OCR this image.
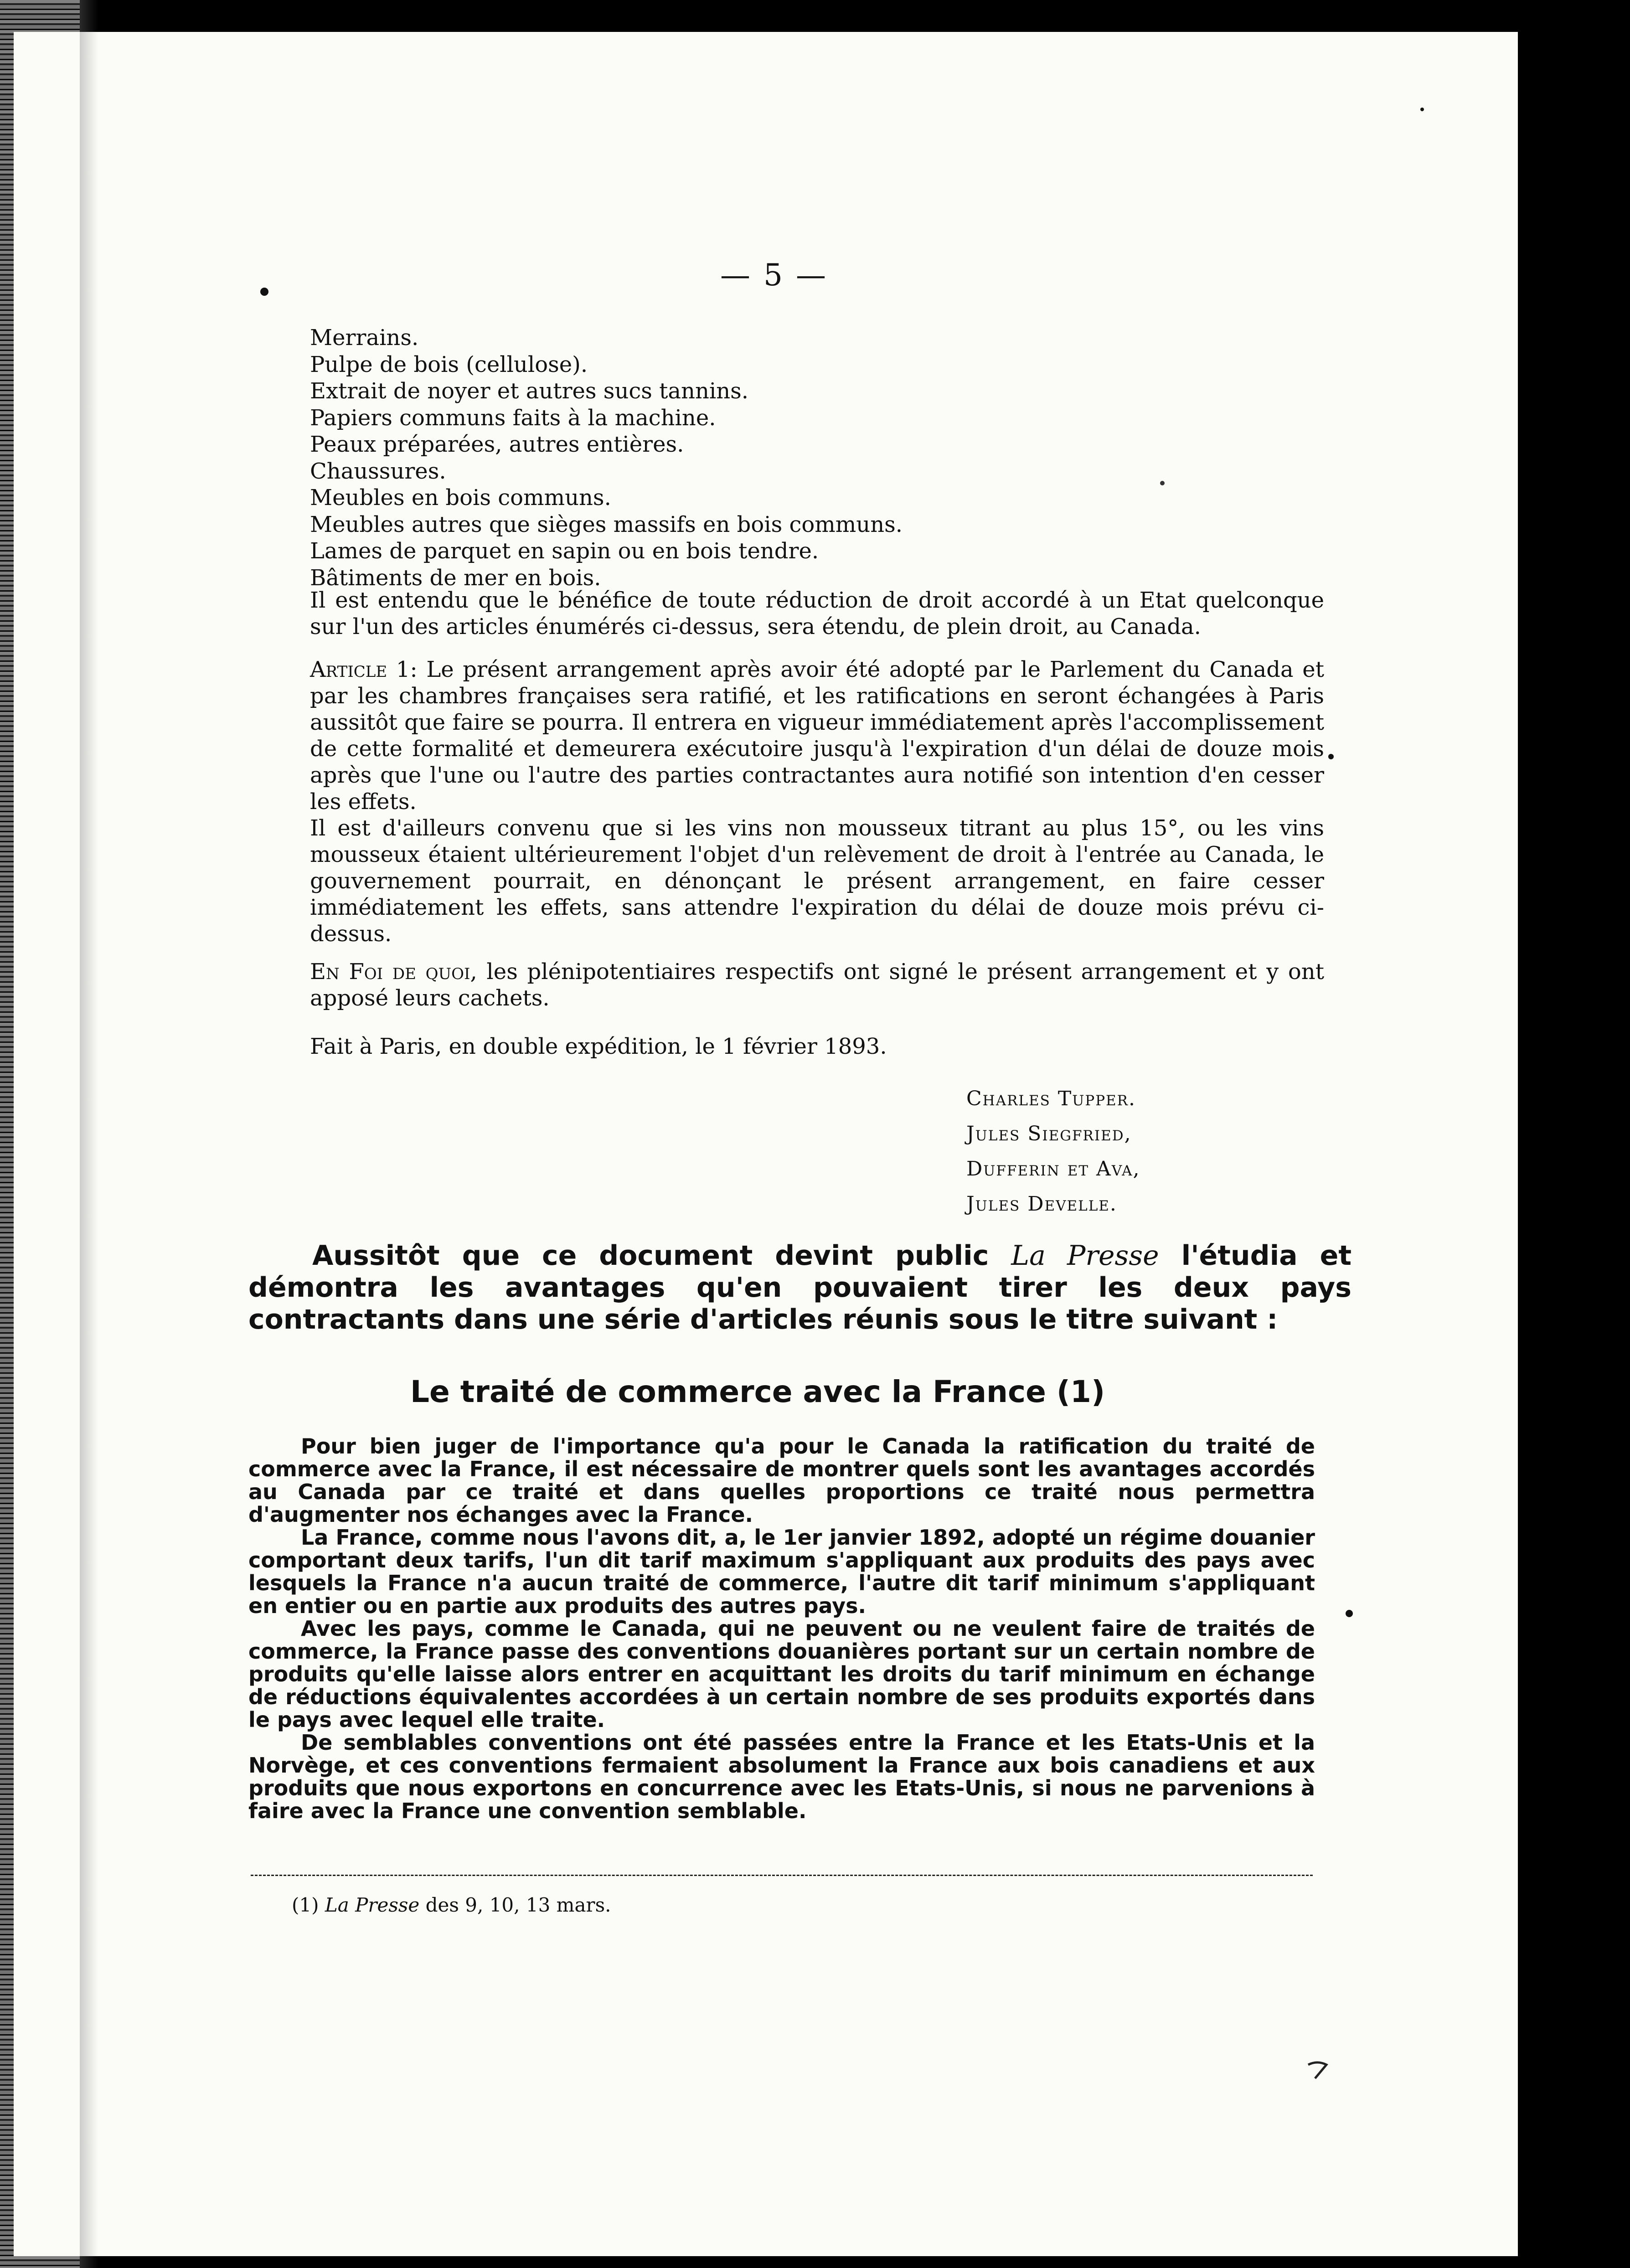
— 5 —
Merrains.
Pulpe de bois (cellulose).
Extrait de noyer et autres sucs tannins.
Papiers communs faits à la machine.
Peaux préparées, autres entières.
Chaussures.
Meubles en bois communs.
Meubles autres que sièges massifs en bois communs.
Lames de parquet en sapin ou en bois tendre.
Bâtiments de mer en bois.
Il est entendu que le bénéfice de toute réduction de droit accordé à un Etat quelconque sur l'un des articles énumérés ci-dessus, sera étendu, de plein droit, au Canada.
Article 1: Le présent arrangement après avoir été adopté par le Parlement du Canada et par les chambres françaises sera ratifié, et les ratifications en seront échangées à Paris aussitôt que faire se pourra. Il entrera en vigueur immédiatement après l'accomplissement de cette formalité et demeurera exécutoire jusqu'à l'expiration d'un délai de douze mois après que l'une ou l'autre des parties contractantes aura notifié son intention d'en cesser les effets.
Il est d'ailleurs convenu que si les vins non mousseux titrant au plus 15°, ou les vins mousseux étaient ultérieurement l'objet d'un relèvement de droit à l'entrée au Canada, le gouvernement pourrait, en dénonçant le présent arrangement, en faire cesser immédiatement les effets, sans attendre l'expiration du délai de douze mois prévu ci-dessus.
En Foi de quoi, les plénipotentiaires respectifs ont signé le présent arrangement et y ont apposé leurs cachets.
Fait à Paris, en double expédition, le 1 février 1893.
Charles Tupper.
Jules Siegfried,
Dufferin et Ava,
Jules Develle.
Aussitôt que ce document devint public La Presse l'étudia et démontra les avantages qu'en pouvaient tirer les deux pays contractants dans une série d'articles réunis sous le titre suivant :
Le traité de commerce avec la France (1)

Pour bien juger de l'importance qu'a pour le Canada la ratification du traité de commerce avec la France, il est nécessaire de montrer quels sont les avantages accordés au Canada par ce traité et dans quelles proportions ce traité nous permettra d'augmenter nos échanges avec la France.

La France, comme nous l'avons dit, a, le 1er janvier 1892, adopté un régime douanier comportant deux tarifs, l'un dit tarif maximum s'appliquant aux produits des pays avec lesquels la France n'a aucun traité de commerce, l'autre dit tarif minimum s'appliquant en entier ou en partie aux produits des autres pays.

Avec les pays, comme le Canada, qui ne peuvent ou ne veulent faire de traités de commerce, la France passe des conventions douanières portant sur un certain nombre de produits qu'elle laisse alors entrer en acquittant les droits du tarif minimum en échange de réductions équivalentes accordées à un certain nombre de ses produits exportés dans le pays avec lequel elle traite.

De semblables conventions ont été passées entre la France et les Etats-Unis et la Norvège, et ces conventions fermaient absolument la France aux bois canadiens et aux produits que nous exportons en concurrence avec les Etats-Unis, si nous ne parvenions à faire avec la France une convention semblable.

(1) La Presse des 9, 10, 13 mars.
